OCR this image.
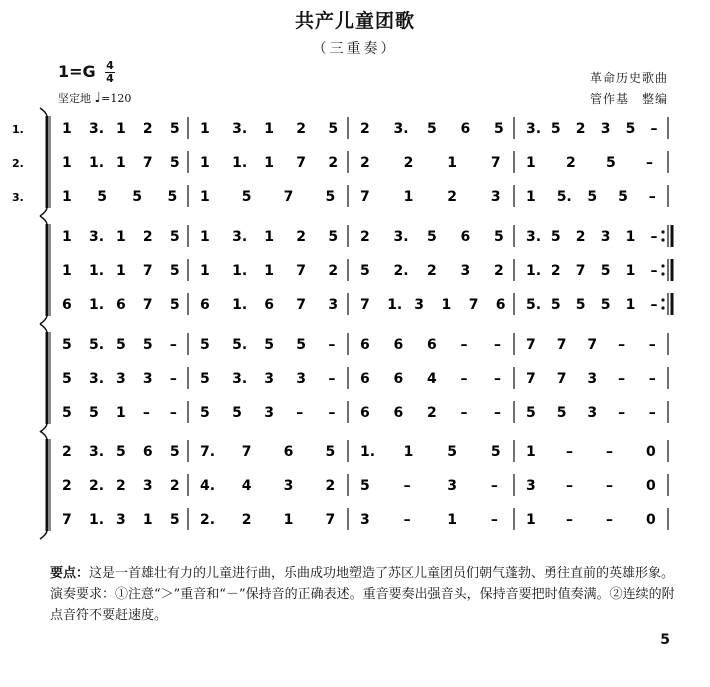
共产儿童团歌
（三重奏）
1=G 4
4
坚定地 ♩=120
革命历史歌曲
管作基　整编
1.	1 3. 1 2 5 1 3. 1 2 5 2 3. 5 6 5 3. 5 2 3 5 –
2.	1 1. 1 7 5 1 1. 1 7 2 2 2 1 7 1 2 5 –
3.	1 5 5 5 1 5 7 5 7 1 2 3 1 5. 5 5 –
1 3. 1 2 5 1 3. 1 2 5 2 3. 5 6 5 3. 5 2 3 1 –
1 1. 1 7 5 1 1. 1 7 2 5 2. 2 3 2 1. 2 7 5 1 –
6 1. 6 7 5 6 1. 6 7 3 7 1. 3 1 7 6 5. 5 5 5 1 –
5 5. 5 5 – 5 5. 5 5 – 6 6 6 – – 7 7 7 – –
5 3. 3 3 – 5 3. 3 3 – 6 6 4 – – 7 7 3 – –
5 5 1 – – 5 5 3 – – 6 6 2 – – 5 5 3 – –
2 3. 5 6 5 7. 7 6 5 1. 1 5 5 1 – – 0
2 2. 2 3 2 4. 4 3 2 5 –	3 – 3 – – 0
7 1. 3 1 5 2. 2 1 7 3 –	1 – 1 – – 0
要点：这是一首雄壮有力的儿童进行曲，乐曲成功地塑造了苏区儿童团员们朝气蓬勃、勇往直前的英雄形象。演奏要求：①注意“＞”重音和“－”保持音的正确表述。重音要奏出强音头，保持音要把时值奏满。②连续的附点音符不要赶速度。
5
